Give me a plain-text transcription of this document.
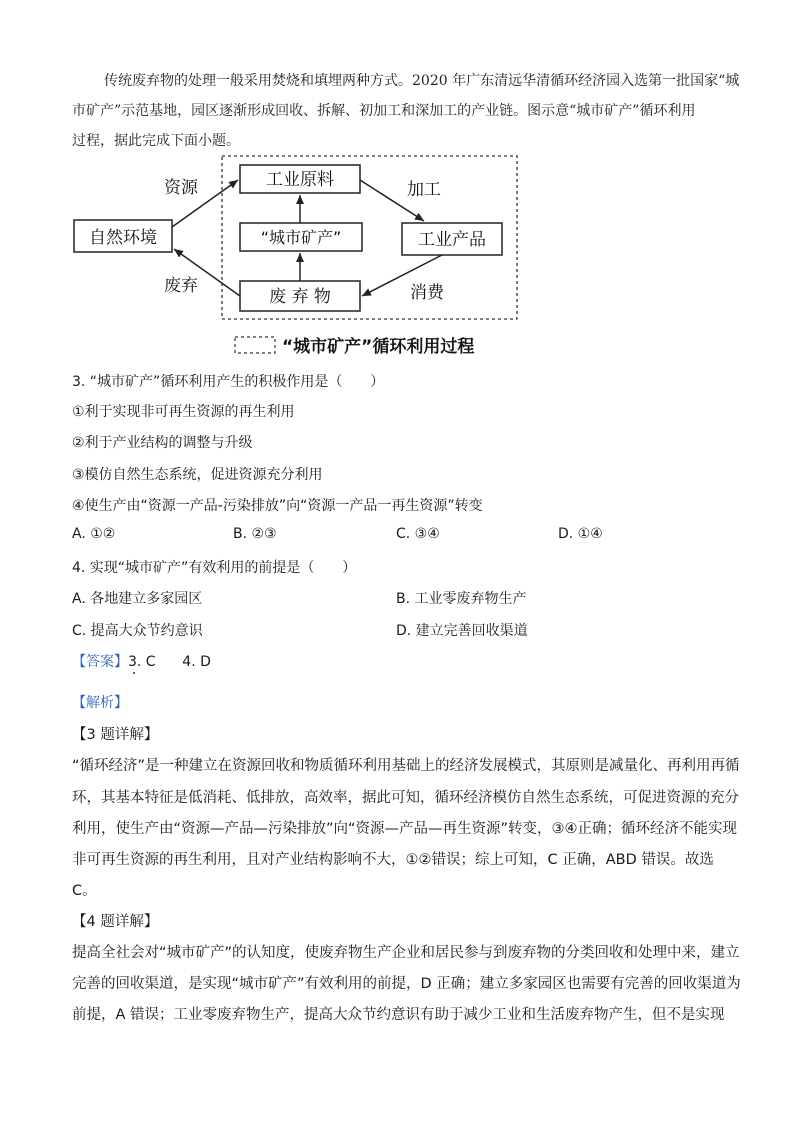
传统废弃物的处理一般采用焚烧和填埋两种方式。2020 年广东清远华清循环经济园入选第一批国家“城
市矿产”示范基地，园区逐渐形成回收、拆解、初加工和深加工的产业链。图示意“城市矿产”循环利用
过程，据此完成下面小题。
自然环境
工业原料
“城市矿产”	工业产品
废 弃 物
资源	加工
消费
废弃
“城市矿产”循环利用过程
3. “城市矿产”循环利用产生的积极作用是（　　）
①利于实现非可再生资源的再生利用
②利于产业结构的调整与升级
③模仿自然生态系统，促进资源充分利用
④使生产由“资源一产品-污染排放”向“资源一产品一再生资源”转变
A. ①②	B. ②③	C. ③④	D. ①④
4. 实现“城市矿产”有效利用的前提是（　　）
A. 各地建立多家园区	B. 工业零废弃物生产
C. 提高大众节约意识	D. 建立完善回收渠道
【答案】3. C      4. D
【解析】
【3 题详解】
“循环经济”是一种建立在资源回收和物质循环利用基础上的经济发展模式，其原则是减量化、再利用再循
环，其基本特征是低消耗、低排放，高效率，据此可知，循环经济模仿自然生态系统，可促进资源的充分
利用，使生产由“资源—产品—污染排放”向“资源—产品—再生资源”转变，③④正确；循环经济不能实现
非可再生资源的再生利用，且对产业结构影响不大，①②错误；综上可知，C 正确，ABD 错误。故选
C。
【4 题详解】
提高全社会对“城市矿产”的认知度，使废弃物生产企业和居民参与到废弃物的分类回收和处理中来，建立
完善的回收渠道，是实现“城市矿产”有效利用的前提，D 正确；建立多家园区也需要有完善的回收渠道为
前提，A 错误；工业零废弃物生产，提高大众节约意识有助于减少工业和生活废弃物产生，但不是实现
